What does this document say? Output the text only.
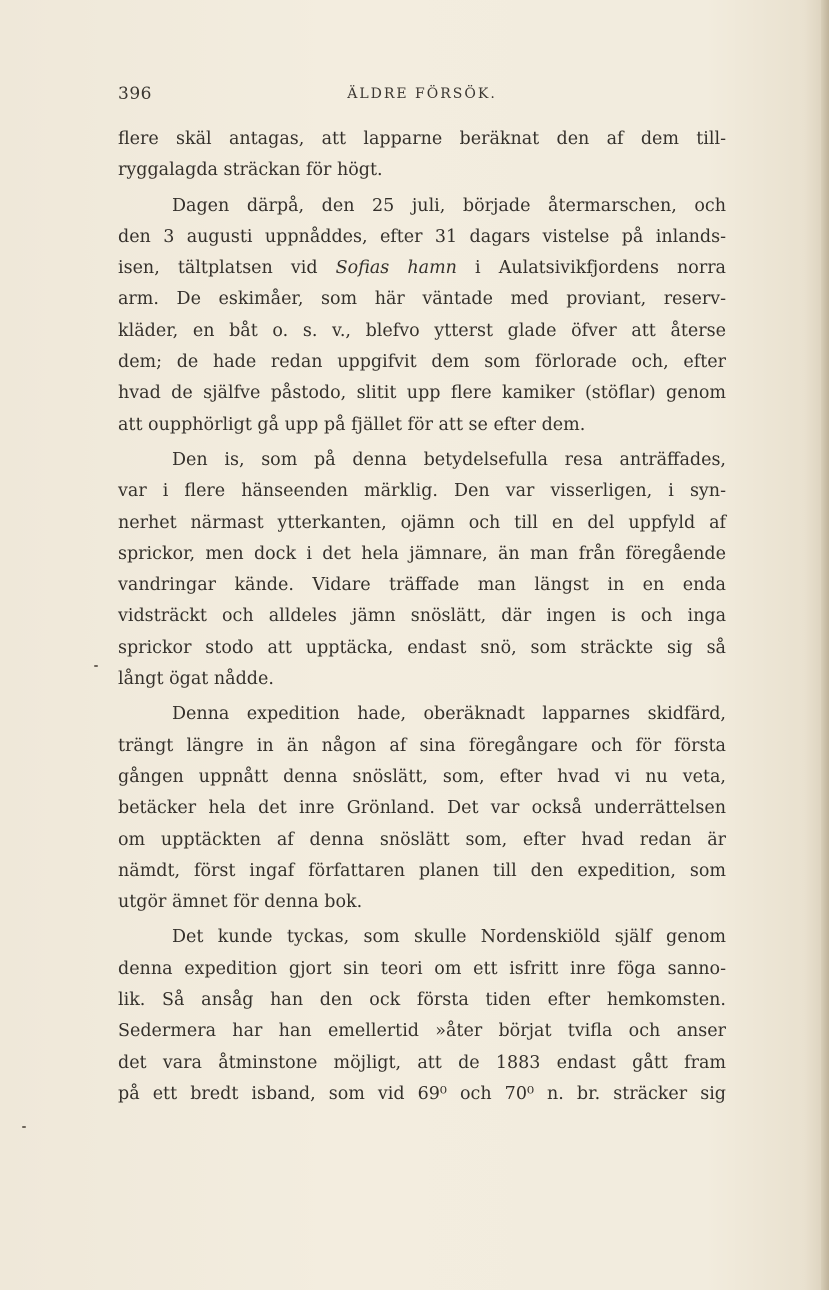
396	ÄLDRE FÖRSÖK.
flere skäl antagas, att lapparne beräknat den af dem till-
ryggalagda sträckan för högt.
Dagen därpå, den 25 juli, började återmarschen, och
den 3 augusti uppnåddes, efter 31 dagars vistelse på inlands-
isen, tältplatsen vid Sofias hamn i Aulatsivikfjordens norra
arm. De eskimåer, som här väntade med proviant, reserv-
kläder, en båt o. s. v., blefvo ytterst glade öfver att återse
dem; de hade redan uppgifvit dem som förlorade och, efter
hvad de själfve påstodo, slitit upp flere kamiker (stöflar) genom
att oupphörligt gå upp på fjället för att se efter dem.
Den is, som på denna betydelsefulla resa anträffades,
var i flere hänseenden märklig. Den var visserligen, i syn-
nerhet närmast ytterkanten, ojämn och till en del uppfyld af
sprickor, men dock i det hela jämnare, än man från föregående
vandringar kände. Vidare träffade man längst in en enda
vidsträckt och alldeles jämn snöslätt, där ingen is och inga
sprickor stodo att upptäcka, endast snö, som sträckte sig så
långt ögat nådde.
Denna expedition hade, oberäknadt lapparnes skidfärd,
trängt längre in än någon af sina föregångare och för första
gången uppnått denna snöslätt, som, efter hvad vi nu veta,
betäcker hela det inre Grönland. Det var också underrättelsen
om upptäckten af denna snöslätt som, efter hvad redan är
nämdt, först ingaf författaren planen till den expedition, som
utgör ämnet för denna bok.
Det kunde tyckas, som skulle Nordenskiöld själf genom
denna expedition gjort sin teori om ett isfritt inre föga sanno-
lik. Så ansåg han den ock första tiden efter hemkomsten.
Sedermera har han emellertid »åter börjat tvifla och anser
det vara åtminstone möjligt, att de 1883 endast gått fram
på ett bredt isband, som vid 69⁰ och 70⁰ n. br. sträcker sig
